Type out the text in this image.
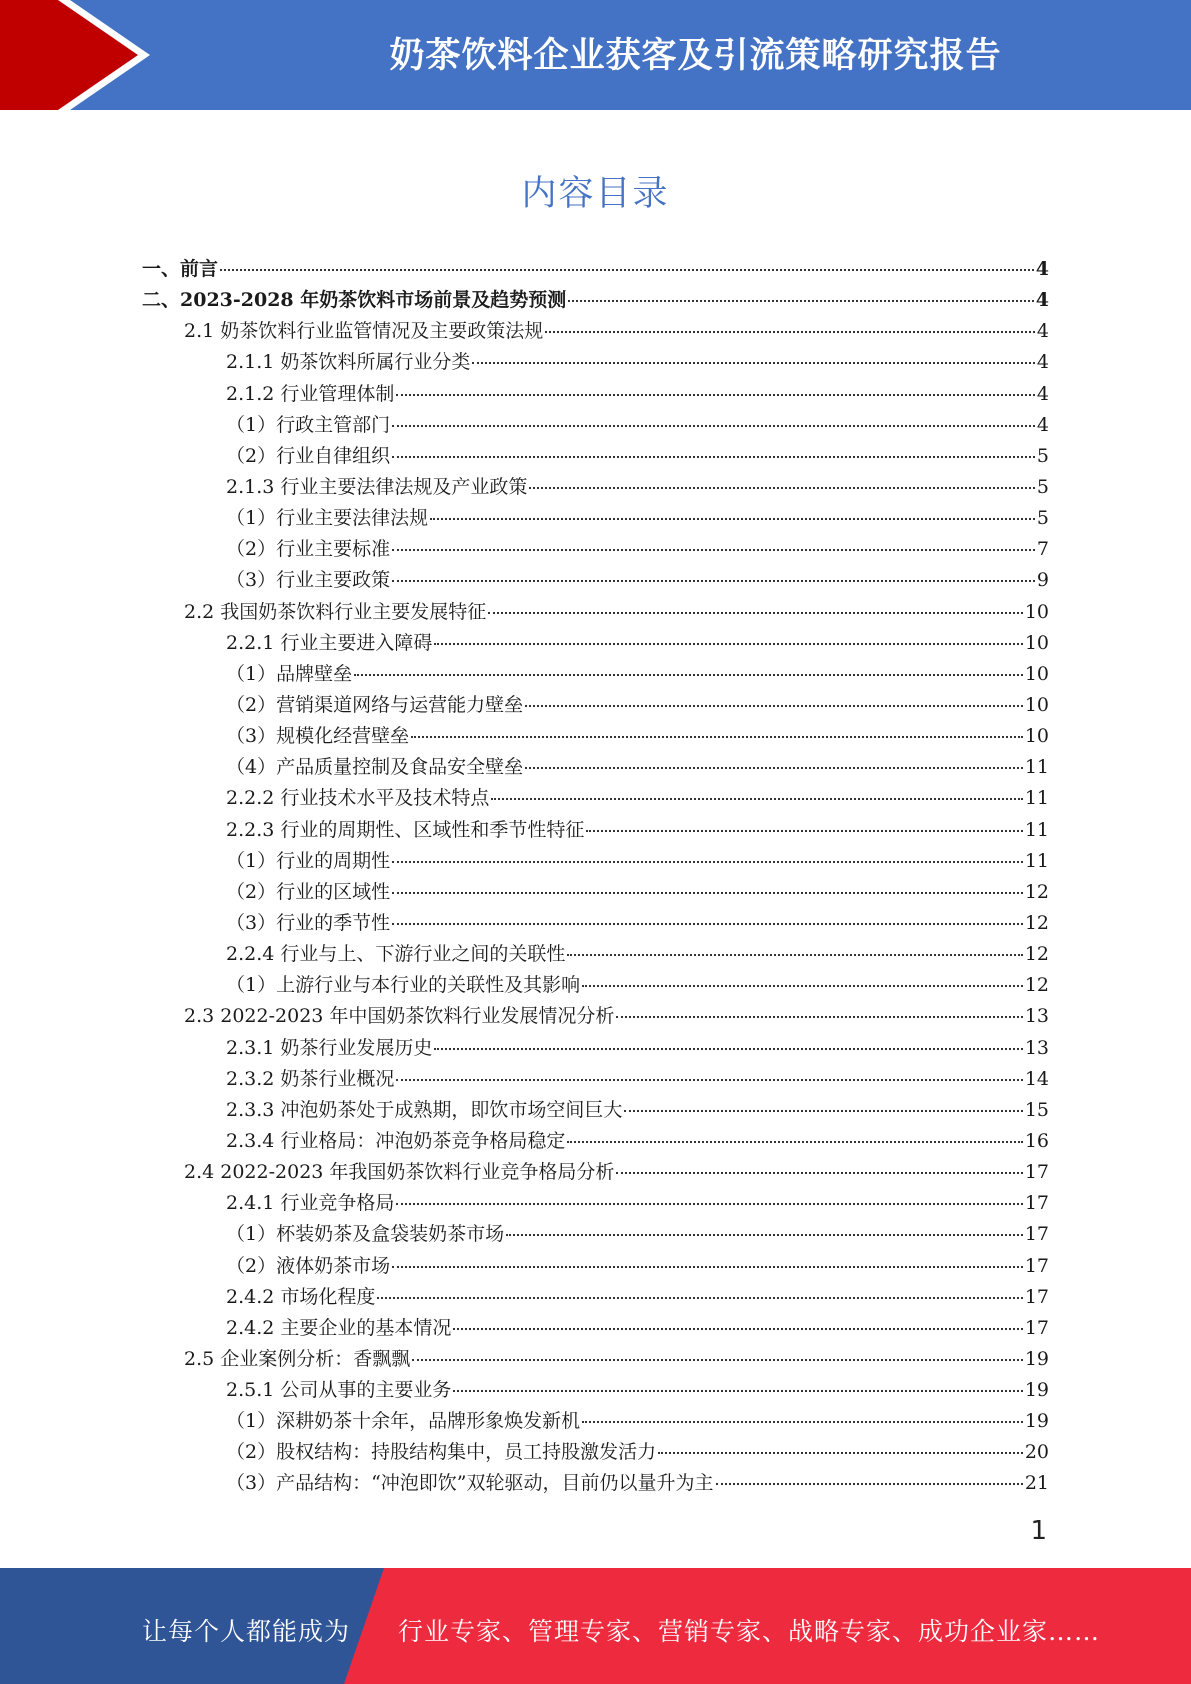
奶茶饮料企业获客及引流策略研究报告
内容目录
一、前言	4
二、2023-2028 年奶茶饮料市场前景及趋势预测	4
2.1 奶茶饮料行业监管情况及主要政策法规	4
2.1.1 奶茶饮料所属行业分类	4
2.1.2 行业管理体制	4
（1）行政主管部门	4
（2）行业自律组织	5
2.1.3 行业主要法律法规及产业政策	5
（1）行业主要法律法规	5
（2）行业主要标准	7
（3）行业主要政策	9
2.2 我国奶茶饮料行业主要发展特征	10
2.2.1 行业主要进入障碍	10
（1）品牌壁垒	10
（2）营销渠道网络与运营能力壁垒	10
（3）规模化经营壁垒	10
（4）产品质量控制及食品安全壁垒	11
2.2.2 行业技术水平及技术特点	11
2.2.3 行业的周期性、区域性和季节性特征	11
（1）行业的周期性	11
（2）行业的区域性	12
（3）行业的季节性	12
2.2.4 行业与上、下游行业之间的关联性	12
（1）上游行业与本行业的关联性及其影响	12
2.3 2022-2023 年中国奶茶饮料行业发展情况分析	13
2.3.1 奶茶行业发展历史	13
2.3.2 奶茶行业概况	14
2.3.3 冲泡奶茶处于成熟期，即饮市场空间巨大	15
2.3.4 行业格局：冲泡奶茶竞争格局稳定	16
2.4 2022-2023 年我国奶茶饮料行业竞争格局分析	17
2.4.1 行业竞争格局	17
（1）杯装奶茶及盒袋装奶茶市场	17
（2）液体奶茶市场	17
2.4.2 市场化程度	17
2.4.2 主要企业的基本情况	17
2.5 企业案例分析：香飘飘	19
2.5.1 公司从事的主要业务	19
（1）深耕奶茶十余年，品牌形象焕发新机	19
（2）股权结构：持股结构集中，员工持股激发活力	20
（3）产品结构：“冲泡即饮”双轮驱动，目前仍以量升为主	21
1
让每个人都能成为 行业专家、管理专家、营销专家、战略专家、成功企业家……
